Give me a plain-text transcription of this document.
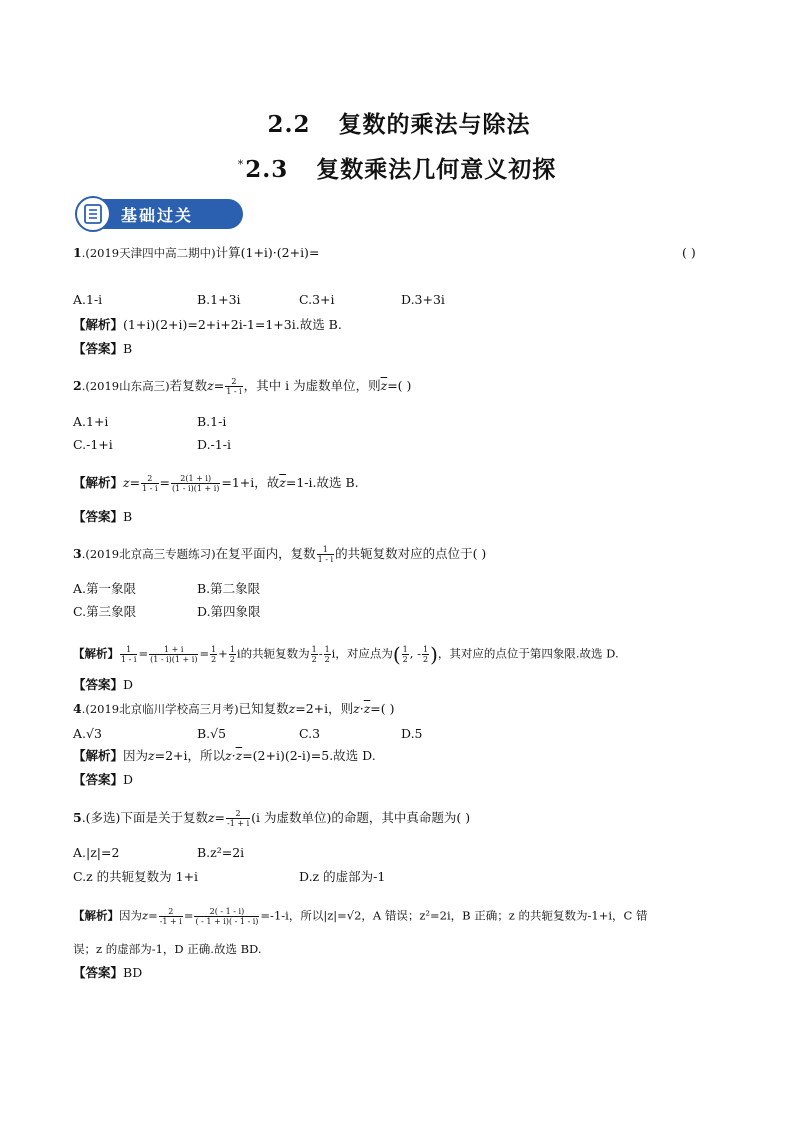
2.2 复数的乘法与除法
*2.3 复数乘法几何意义初探
基础过关
1.(2019天津四中高二期中)计算(1+i)·(2+i)=	( )
A.1-i	B.1+3i	C.3+i	D.3+3i
【解析】(1+i)(2+i)=2+i+2i-1=1+3i.故选 B.
【答案】B
2.(2019山东高三)若复数$z= \frac{2}{1 - i}$ ，其中 i 为虚数单位，则$\overline{z}=$( )
A.1+i	B.1-i
C.-1+i	D.-1-i
【解析】$z= \frac{2}{1 - i} = \frac{2(1 + i)}{(1 - i)(1 + i)} =1+i$，故$\overline{z}=1-i$.故选 B.
【答案】B
3.(2019北京高三专题练习)在复平面内，复数 $\frac{1}{1 - i}$ 的共轭复数对应的点位于( )
A.第一象限	B.第二象限
C.第三象限	D.第四象限
【解析】 $\frac{1}{1 - i} = \frac{1 + i}{(1 - i)(1 + i)} = \frac{1}{2} + \frac{1}{2}$ i的共轭复数为 $\frac{1}{2} - \frac{1}{2}$ i，对应点为( $\frac{1}{2}$ , - $\frac{1}{2}$ )，其对应的点位于第四象限.故选 D.
【答案】D
4.(2019北京临川学校高三月考)已知复数z=2+i，则$z\cdot\overline{z}=$( )
A.√3	B.√5	C.3	D.5
【解析】因为z=2+i，所以$z\cdot\overline{z}=(2+i)(2-i)=5$.故选 D.
【答案】D
5.(多选)下面是关于复数$z= \frac{2}{-1 + i} (i$ 为虚数单位)的命题，其中真命题为( )
A.|z|=2	B.z²=2i
C.z 的共轭复数为 1+i	D.z 的虚部为-1
【解析】因为$z= \frac{2}{-1 + i} = \frac{2( - 1 - i)}{( - 1 + i)( - 1 - i)} =-1-i$，所以|z|=√2，A 错误；z²=2i，B 正确；z 的共轭复数为-1+i，C 错
误；z 的虚部为-1，D 正确.故选 BD.
【答案】BD
